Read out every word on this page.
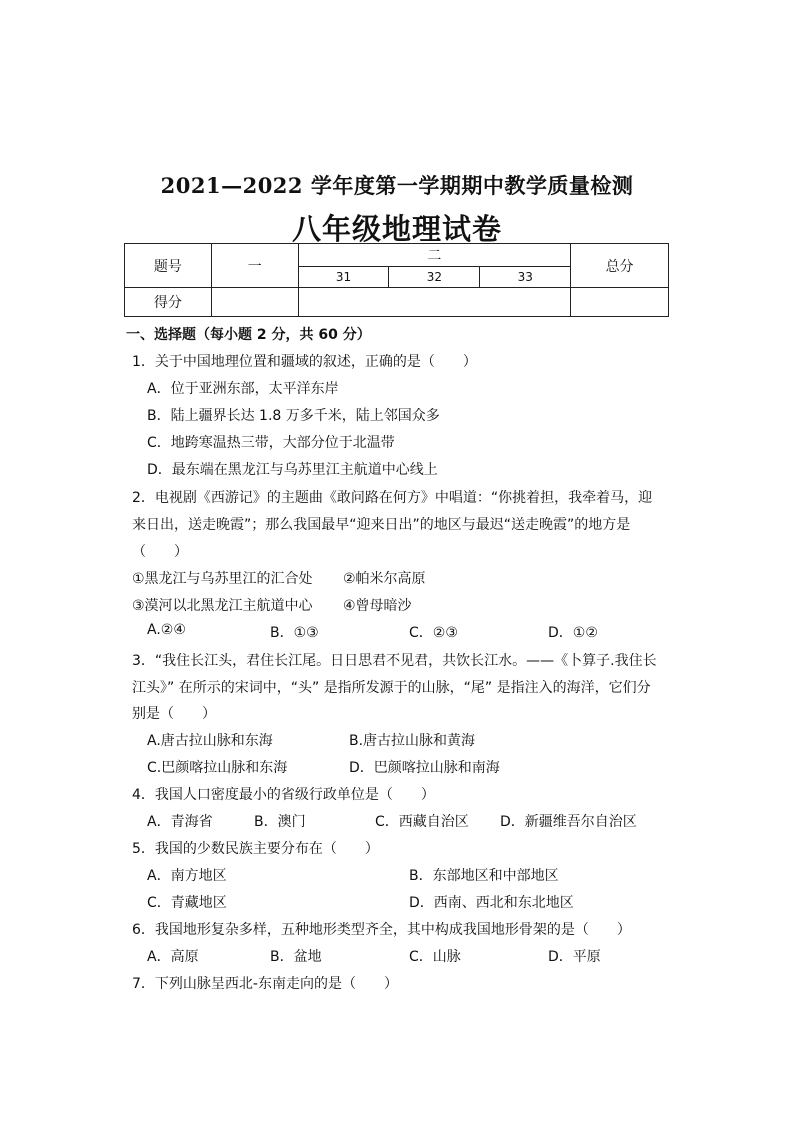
2021—2022 学年度第一学期期中教学质量检测
八年级地理试卷
题号	一	二			总分
		31	32	33	
得分					
一、选择题（每小题 2 分，共 60 分）
1．关于中国地理位置和疆域的叙述，正确的是（　　）
A．位于亚洲东部，太平洋东岸
B．陆上疆界长达 1.8 万多千米，陆上邻国众多
C．地跨寒温热三带，大部分位于北温带
D．最东端在黑龙江与乌苏里江主航道中心线上
2．电视剧《西游记》的主题曲《敢问路在何方》中唱道：“你挑着担，我牵着马，迎
来日出，送走晚霞”；那么我国最早“迎来日出”的地区与最迟“送走晚霞”的地方是
（　　）
①黑龙江与乌苏里江的汇合处 ②帕米尔高原
③漠河以北黑龙江主航道中心 ④曾母暗沙
A.②④	B．①③	C．②③	D．①②
3．“我住长江头，君住长江尾。日日思君不见君，共饮长江水。——《卜算子.我住长
江头》” 在所示的宋词中，“头” 是指所发源于的山脉，“尾” 是指注入的海洋，它们分
别是（　　）
A.唐古拉山脉和东海	B.唐古拉山脉和黄海
C.巴颜喀拉山脉和东海	D．巴颜喀拉山脉和南海
4．我国人口密度最小的省级行政单位是（　　）
A．青海省	B．澳门	C．西藏自治区 D．新疆维吾尔自治区
5．我国的少数民族主要分布在（　　）
A．南方地区	B．东部地区和中部地区
C．青藏地区	D．西南、西北和东北地区
6．我国地形复杂多样，五种地形类型齐全，其中构成我国地形骨架的是（　　）
A．高原	B．盆地	C．山脉	D．平原
7．下列山脉呈西北-东南走向的是（　　）
